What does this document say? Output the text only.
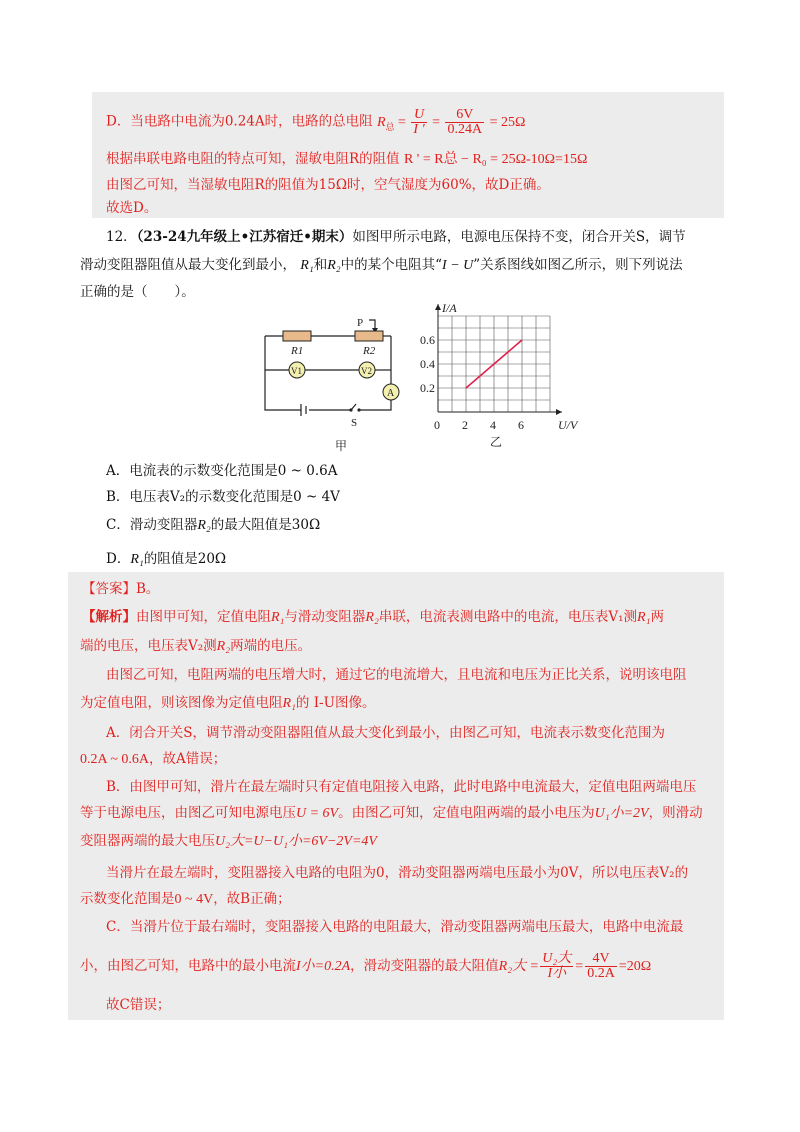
D．当电路中电流为0.24A时，电路的总电阻 $R_总 = \frac{U}{I '} = \frac{6V}{0.24A} = 25\Omega$
根据串联电路电阻的特点可知，湿敏电阻R的阻值 R ' = R总 − R₀ = 25Ω-10Ω=15Ω
由图乙可知，当湿敏电阻R的阻值为15Ω时，空气湿度为60%，故D正确。
故选D。
12．（23-24九年级上•江苏宿迁•期末）如图甲所示电路，电源电压保持不变，闭合开关S，调节
滑动变阻器阻值从最大变化到最小， R₁和R₂中的某个电阻其“I − U”关系图线如图乙所示，则下列说法
正确的是（　　）。
R1	R2
P
V1	V2
A
S
甲
0 2 4 6
0.2
0.4
0.6
U/V
I/A
乙
A．电流表的示数变化范围是0 ~ 0.6A
B．电压表V₂的示数变化范围是0 ~ 4V
C．滑动变阻器R₂的最大阻值是30Ω
D．R₁的阻值是20Ω
【答案】B。
【解析】由图甲可知，定值电阻R₁与滑动变阻器R₂串联，电流表测电路中的电流，电压表V₁测R₁两
端的电压，电压表V₂测R₂两端的电压。
由图乙可知，电阻两端的电压增大时，通过它的电流增大，且电流和电压为正比关系，说明该电阻
为定值电阻，则该图像为定值电阻R₁的 I-U图像。
A．闭合开关S，调节滑动变阻器阻值从最大变化到最小，由图乙可知，电流表示数变化范围为
0.2A ~ 0.6A，故A错误；
B．由图甲可知，滑片在最左端时只有定值电阻接入电路，此时电路中电流最大，定值电阻两端电压
等于电源电压，由图乙可知电源电压U = 6V。由图乙可知，定值电阻两端的最小电压为U₁小=2V，则滑动
变阻器两端的最大电压U₂大=U−U₁小=6V−2V=4V
当滑片在最左端时，变阻器接入电路的电阻为0，滑动变阻器两端电压最小为0V，所以电压表V₂的
示数变化范围是0 ~ 4V，故B正确；
C．当滑片位于最右端时，变阻器接入电路的电阻最大，滑动变阻器两端电压最大，电路中电流最
小，由图乙可知，电路中的最小电流I小=0.2A，滑动变阻器的最大阻值R₂大 = $\frac{\text{U₂大}}{\text{I小}} = \frac{4V}{0.2A} =20\Omega$
故C错误；
